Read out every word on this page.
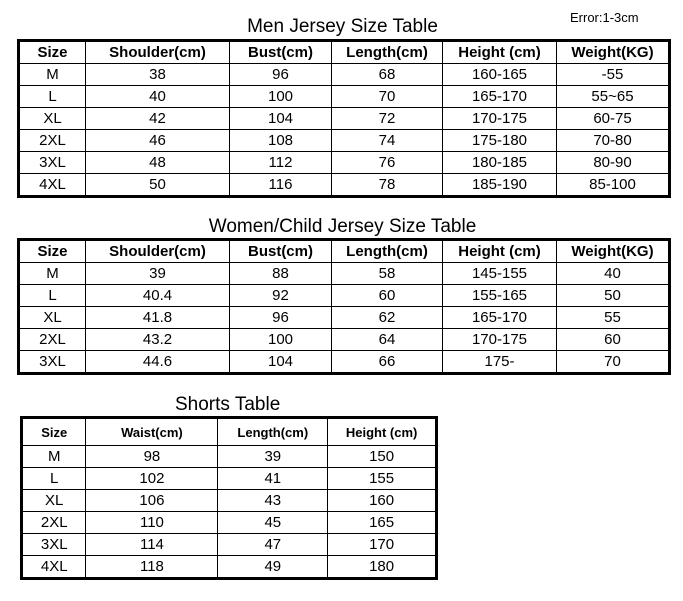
Men Jersey Size Table	Error:1-3cm
Size	Shoulder(cm)	Bust(cm)	Length(cm)	Height (cm)	Weight(KG)
M	38	96	68	160-165	-55
L	40	100	70	165-170	55~65
XL	42	104	72	170-175	60-75
2XL	46	108	74	175-180	70-80
3XL	48	112	76	180-185	80-90
4XL	50	116	78	185-190	85-100
Women/Child Jersey Size Table
Size	Shoulder(cm)	Bust(cm)	Length(cm)	Height (cm)	Weight(KG)
M	39	88	58	145-155	40
L	40.4	92	60	155-165	50
XL	41.8	96	62	165-170	55
2XL	43.2	100	64	170-175	60
3XL	44.6	104	66	175-	70
Shorts Table
Size	Waist(cm)	Length(cm)	Height (cm)
M	98	39	150
L	102	41	155
XL	106	43	160
2XL	110	45	165
3XL	114	47	170
4XL	118	49	180
